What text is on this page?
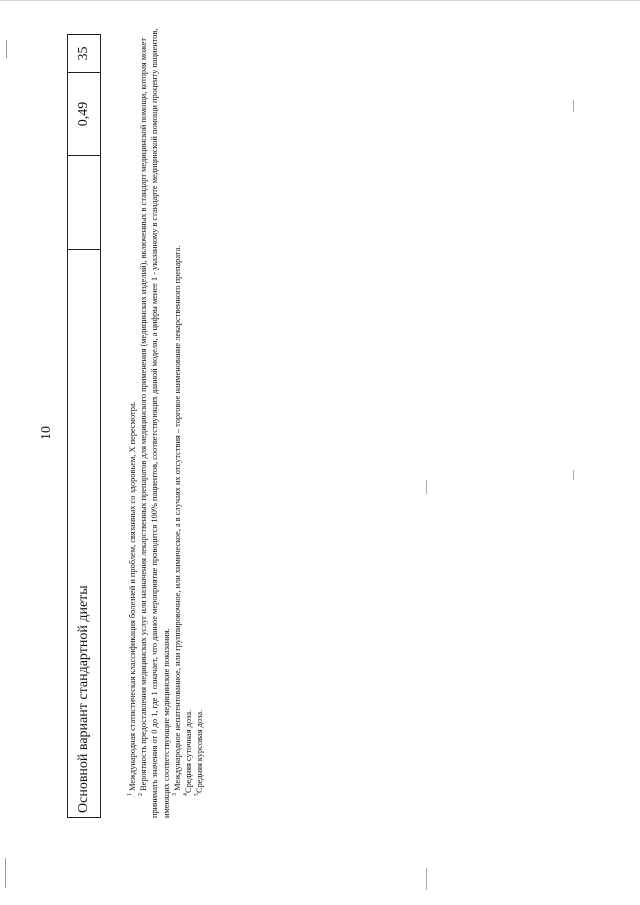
10
Основной вариант стандартной диеты
0,49
35

$^1$ Международная статистическая классификация болезней и проблем, связанных со здоровьем, X пересмотра.

$^2$ Вероятность предоставления медицинских услуг или назначения лекарственных препаратов для медицинского применения (медицинских изделий), включенных в стандарт медицинской помощи, которая может принимать значения от 0 до 1, где 1 означает, что данное мероприятие проводится 100% пациентов, соответствующих данной модели, а цифры менее 1 - указанному в стандарте медицинской помощи проценту пациентов, имеющих соответствующие медицинские показания. $^3$ Международное непатентованное, или группировочное, или химическое, а в случаях их отсутствия – торговое наименование лекарственного препарата.

$^4$Средняя суточная доза.

$^5$Средняя курсовая доза.
